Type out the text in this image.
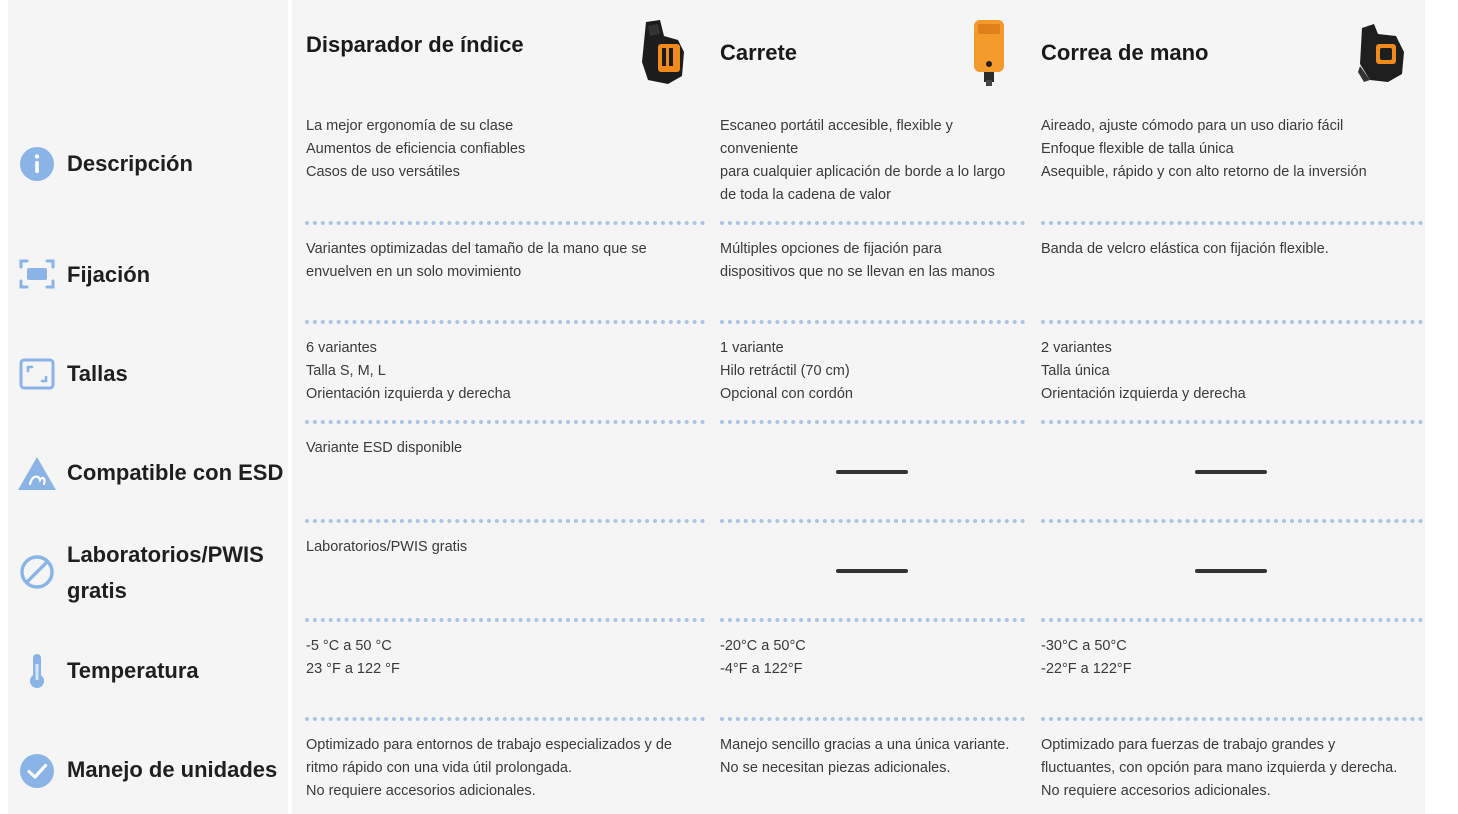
Disparador de índice	Carrete	Correa de mano
Descripción
La mejor ergonomía de su clase
Aumentos de eficiencia confiables
Casos de uso versátiles
Escaneo portátil accesible, flexible y
conveniente
para cualquier aplicación de borde a lo largo
de toda la cadena de valor
Aireado, ajuste cómodo para un uso diario fácil
Enfoque flexible de talla única
Asequible, rápido y con alto retorno de la inversión
Fijación
Variantes optimizadas del tamaño de la mano que se
envuelven en un solo movimiento
Múltiples opciones de fijación para
dispositivos que no se llevan en las manos
Banda de velcro elástica con fijación flexible.
Tallas
6 variantes
Talla S, M, L
Orientación izquierda y derecha
1 variante
Hilo retráctil (70 cm)
Opcional con cordón
2 variantes
Talla única
Orientación izquierda y derecha
Compatible con ESD
Variante ESD disponible
Laboratorios/PWIS
gratis
Laboratorios/PWIS gratis
Temperatura
-5 °C a 50 °C
23 °F a 122 °F
-20°C a 50°C
-4°F a 122°F
-30°C a 50°C
-22°F a 122°F
Manejo de unidades
Optimizado para entornos de trabajo especializados y de
ritmo rápido con una vida útil prolongada.
No requiere accesorios adicionales.
Manejo sencillo gracias a una única variante.
No se necesitan piezas adicionales.
Optimizado para fuerzas de trabajo grandes y
fluctuantes, con opción para mano izquierda y derecha.
No requiere accesorios adicionales.
